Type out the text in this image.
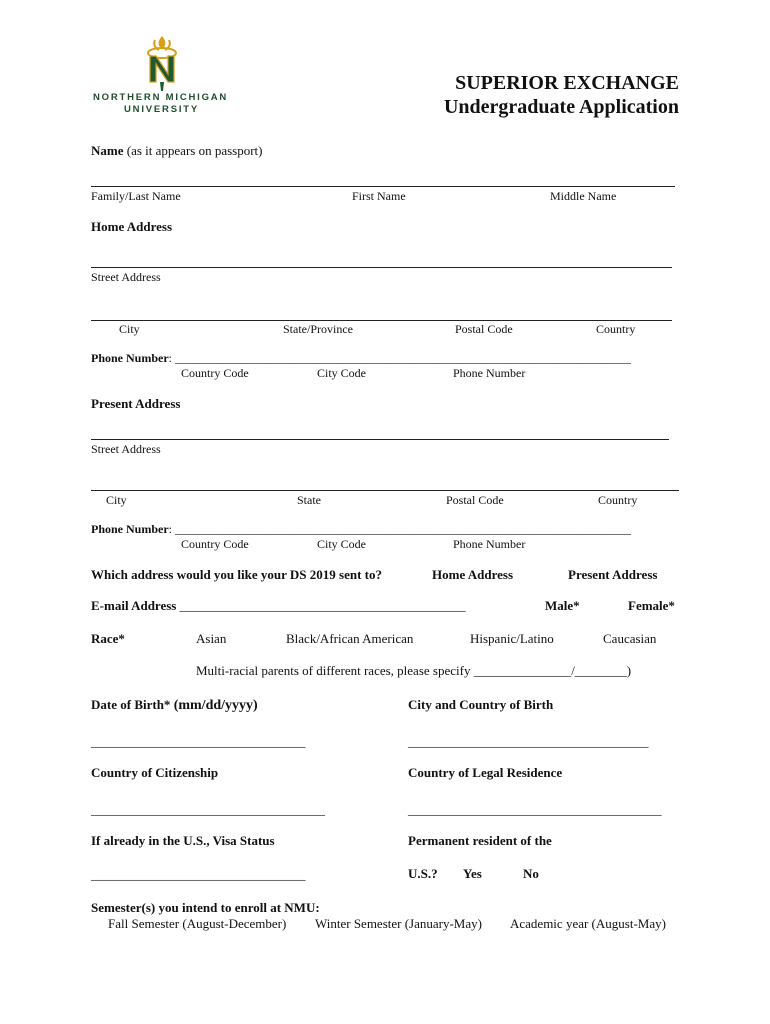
NORTHERN MICHIGAN
UNIVERSITY
SUPERIOR EXCHANGE
Undergraduate Application
Name (as it appears on passport)
Family/Last Name	First Name	Middle Name
Home Address
Street Address
City	State/Province	Postal Code	Country
Phone Number: ____________________________________________________________________________
Country Code	City Code	Phone Number
Present Address
Street Address
City	State	Postal Code	Country
Phone Number: ____________________________________________________________________________
Country Code	City Code	Phone Number
Which address would you like your DS 2019 sent to?	Home Address	Present Address
E-mail Address ____________________________________________	Male*	Female*
Race*	Asian	Black/African American	Hispanic/Latino	Caucasian
Multi-racial parents of different races, please specify _______________/________)
Date of Birth* (mm/dd/yyyy)	City and Country of Birth
_________________________________	_____________________________________
Country of Citizenship	Country of Legal Residence
____________________________________	_______________________________________
If already in the U.S., Visa Status	Permanent resident of the
_________________________________	U.S.? Yes	No
Semester(s) you intend to enroll at NMU:
Fall Semester (August-December) Winter Semester (January-May) Academic year (August-May)
